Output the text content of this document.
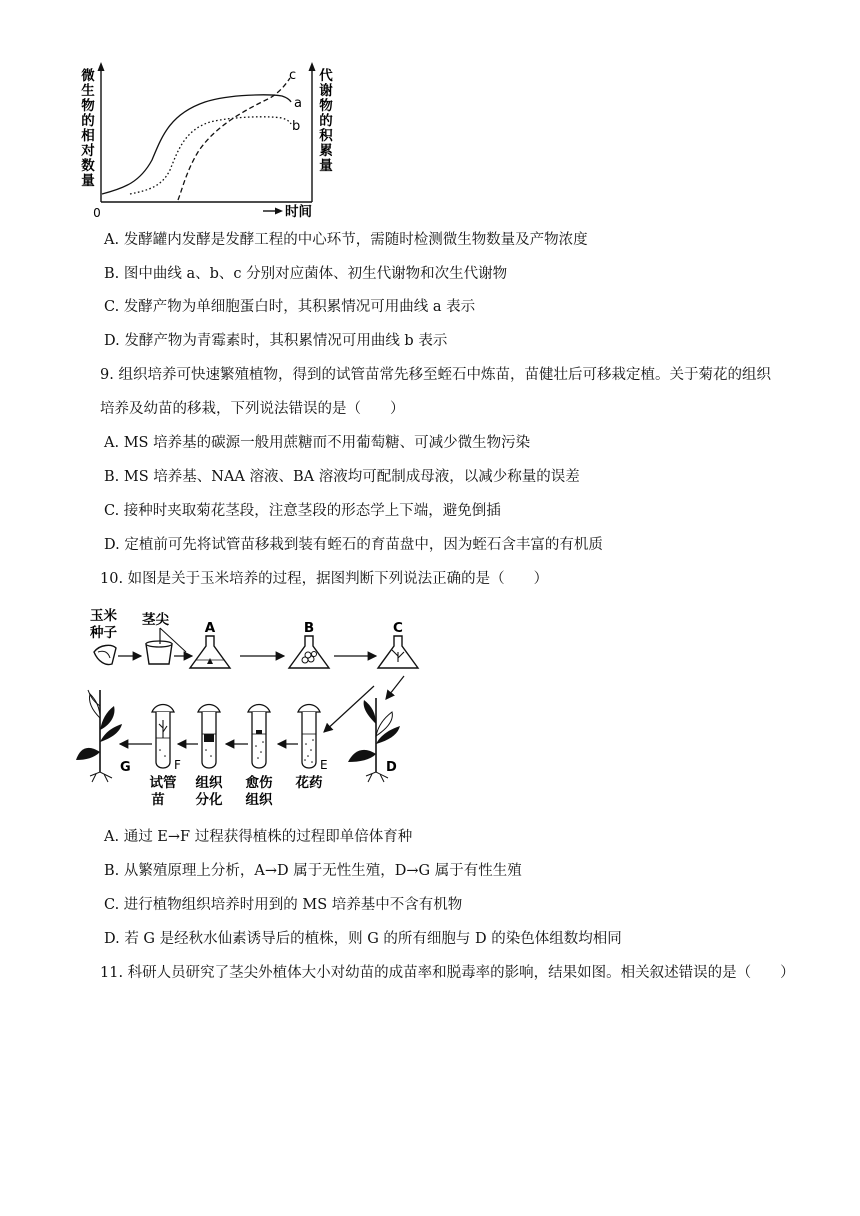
微
生
物
的
相
对
数
量
代
谢
物
的
积
累
量
0	时间
c
a
b
A. 发酵罐内发酵是发酵工程的中心环节，需随时检测微生物数量及产物浓度
B. 图中曲线 a、b、c 分别对应菌体、初生代谢物和次生代谢物
C. 发酵产物为单细胞蛋白时，其积累情况可用曲线 a 表示
D. 发酵产物为青霉素时，其积累情况可用曲线 b 表示
9. 组织培养可快速繁殖植物，得到的试管苗常先移至蛭石中炼苗，苗健壮后可移栽定植。关于菊花的组织
培养及幼苗的移栽，下列说法错误的是（　　）
A. MS 培养基的碳源一般用蔗糖而不用葡萄糖、可减少微生物污染
B. MS 培养基、NAA 溶液、BA 溶液均可配制成母液，以减少称量的误差
C. 接种时夹取菊花茎段，注意茎段的形态学上下端，避免倒插
D. 定植前可先将试管苗移栽到装有蛭石的育苗盘中，因为蛭石含丰富的有机质
10. 如图是关于玉米培养的过程，据图判断下列说法正确的是（　　）
玉米
种子
茎尖	A	B	C
D
E
F
G
试管
苗
组织
分化
愈伤
组织
花药
A. 通过 E→F 过程获得植株的过程即单倍体育种
B. 从繁殖原理上分析，A→D 属于无性生殖，D→G 属于有性生殖
C. 进行植物组织培养时用到的 MS 培养基中不含有机物
D. 若 G 是经秋水仙素诱导后的植株，则 G 的所有细胞与 D 的染色体组数均相同
11. 科研人员研究了茎尖外植体大小对幼苗的成苗率和脱毒率的影响，结果如图。相关叙述错误的是（　　）
